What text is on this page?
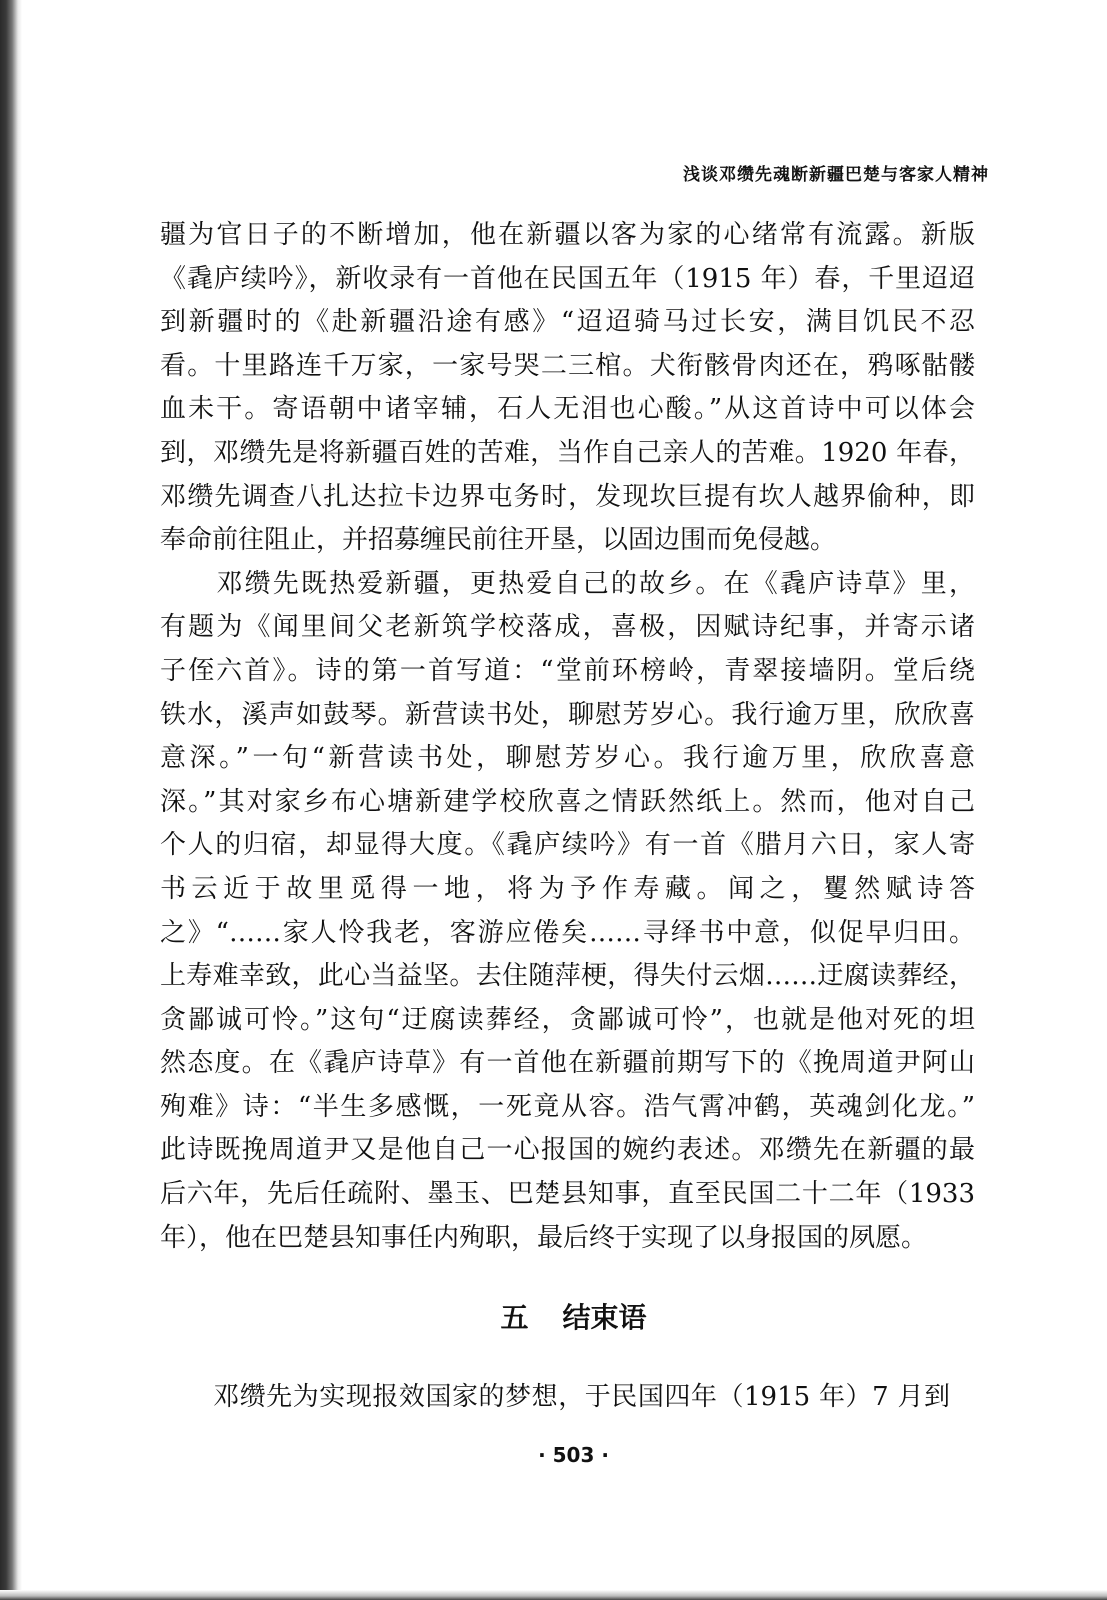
浅谈邓缵先魂断新疆巴楚与客家人精神
疆为官日子的不断增加，他在新疆以客为家的心绪常有流露。新版
《毳庐续吟》，新收录有一首他在民国五年（1915 年）春，千里迢迢
到新疆时的《赴新疆沿途有感》“迢迢骑马过长安，满目饥民不忍
看。十里路连千万家，一家号哭二三棺。犬衔骸骨肉还在，鸦啄骷髅
血未干。寄语朝中诸宰辅，石人无泪也心酸。”从这首诗中可以体会
到，邓缵先是将新疆百姓的苦难，当作自己亲人的苦难。1920 年春，
邓缵先调查八扎达拉卡边界屯务时，发现坎巨提有坎人越界偷种，即
奉命前往阻止，并招募缠民前往开垦，以固边围而免侵越。
　　邓缵先既热爱新疆，更热爱自己的故乡。在《毳庐诗草》里，
有题为《闻里间父老新筑学校落成，喜极，因赋诗纪事，并寄示诸
子侄六首》。诗的第一首写道：“堂前环榜岭，青翠接墙阴。堂后绕
铁水，溪声如鼓琴。新营读书处，聊慰芳岁心。我行逾万里，欣欣喜
意深。”一句“新营读书处，聊慰芳岁心。我行逾万里，欣欣喜意
深。”其对家乡布心塘新建学校欣喜之情跃然纸上。然而，他对自己
个人的归宿，却显得大度。《毳庐续吟》有一首《腊月六日，家人寄
书云近于故里觅得一地，将为予作寿藏。闻之，矍然赋诗答
之》“……家人怜我老，客游应倦矣……寻绎书中意，似促早归田。
上寿难幸致，此心当益坚。去住随萍梗，得失付云烟……迂腐读葬经，
贪鄙诚可怜。”这句“迂腐读葬经，贪鄙诚可怜”，也就是他对死的坦
然态度。在《毳庐诗草》有一首他在新疆前期写下的《挽周道尹阿山
殉难》诗：“半生多感慨，一死竟从容。浩气霄冲鹤，英魂剑化龙。”
此诗既挽周道尹又是他自己一心报国的婉约表述。邓缵先在新疆的最
后六年，先后任疏附、墨玉、巴楚县知事，直至民国二十二年（1933
年），他在巴楚县知事任内殉职，最后终于实现了以身报国的夙愿。
五 结束语
　　邓缵先为实现报效国家的梦想，于民国四年（1915 年）7 月到
· 503 ·
